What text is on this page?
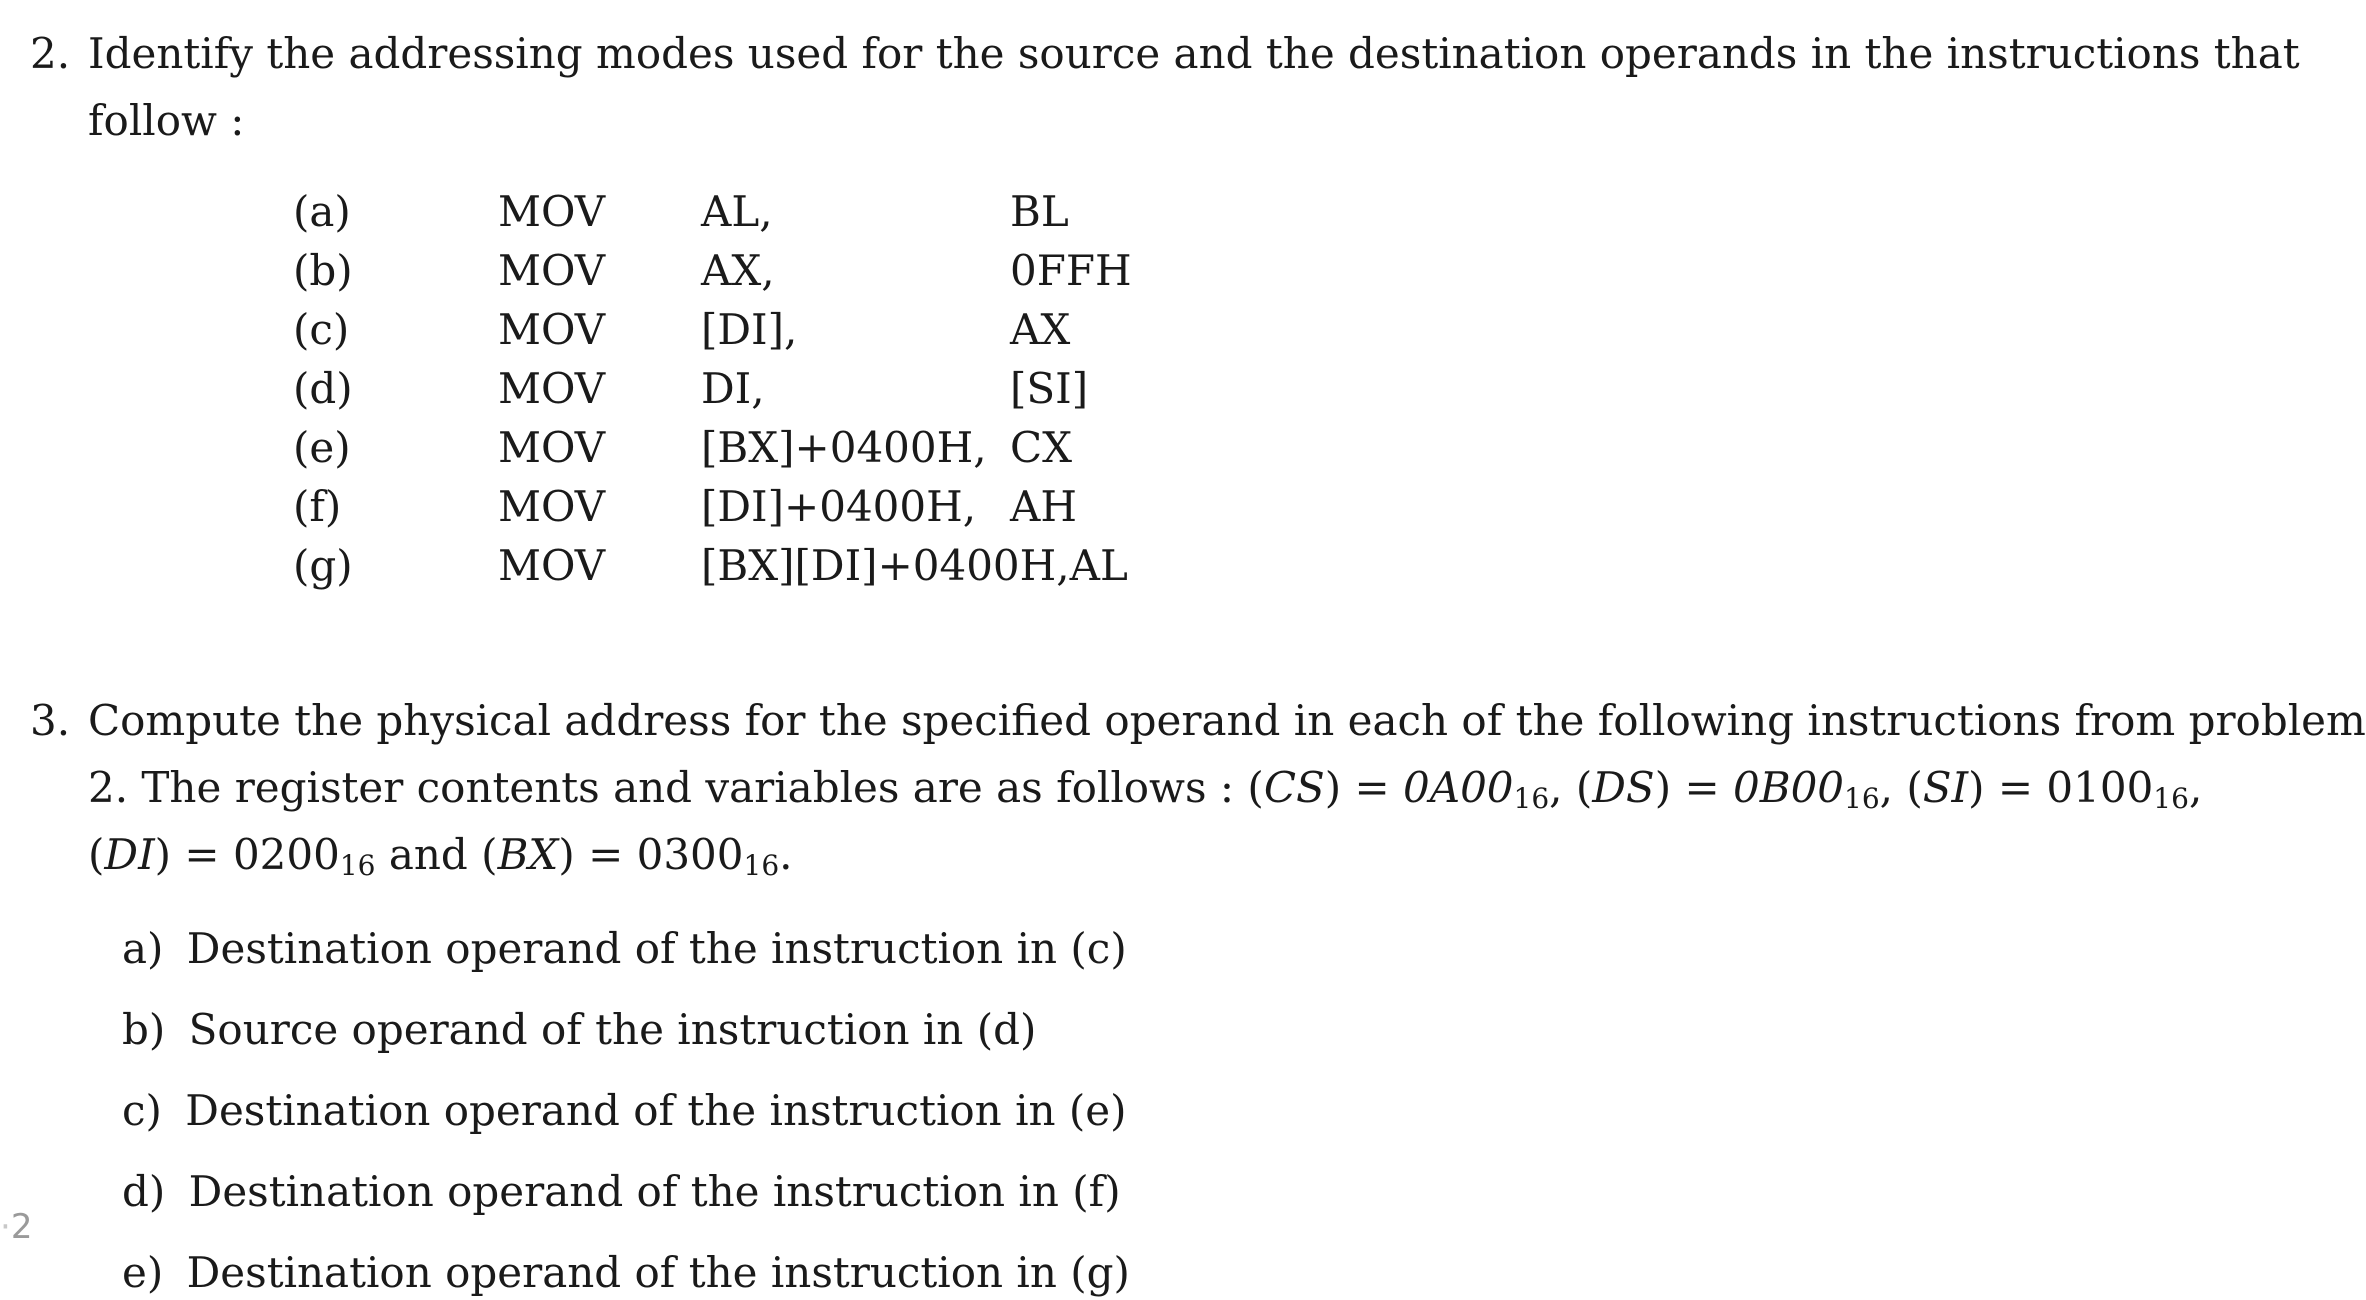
2. Identify the addressing modes used for the source and the destination operands in the instructions that
follow :
(a)	MOV AL,	BL
(b)	MOV AX,	0FFH
(c)	MOV [DI],	AX
(d)	MOV DI,	[SI]
(e)	MOV [BX]+0400H, CX
(f)	MOV [DI]+0400H, AH
(g)	MOV [BX][DI]+0400H,AL
3. Compute the physical address for the specified operand in each of the following instructions from problem
2. The register contents and variables are as follows : $(CS) = 0A00_{16}$, $(DS) = 0B00_{16}$, $(SI) = 0100_{16}$,
$(DI) = 0200_{16}$ and $(BX) = 0300_{16}$.
a) Destination operand of the instruction in (c)
b) Source operand of the instruction in (d)
c) Destination operand of the instruction in (e)
d) Destination operand of the instruction in (f)
e) Destination operand of the instruction in (g)
·2
